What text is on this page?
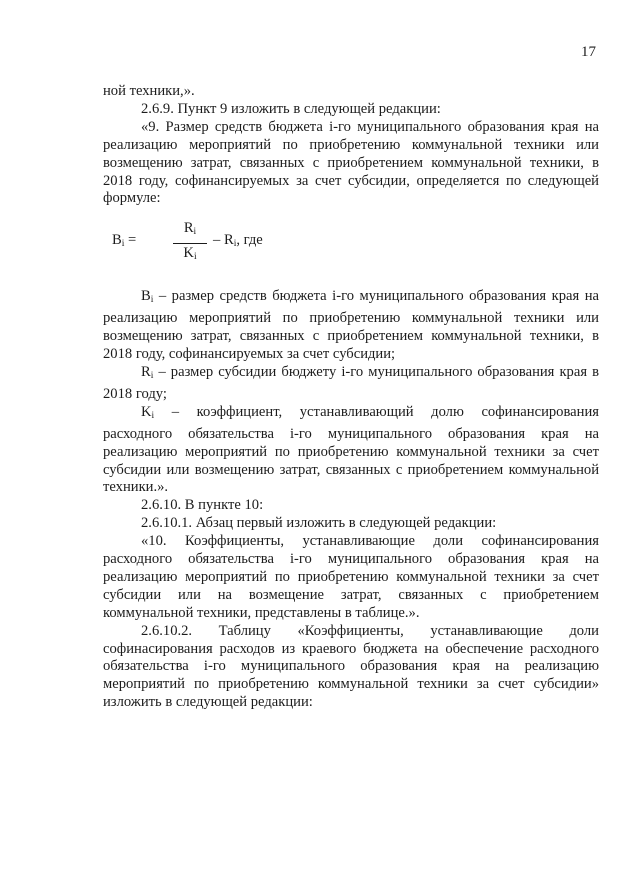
17

ной техники,».

2.6.9. Пункт 9 изложить в следующей редакции:

«9. Размер средств бюджета i-го муниципального образования края на реализацию мероприятий по приобретению коммунальной техники или возмещению затрат, связанных с приобретением коммунальной техники, в 2018 году, софинансируемых за счет субсидии, определяется по следующей формуле:

$B_i$ =	$\frac{R_i}{K_i} - R_i$, где

$B_i$ – размер средств бюджета i-го муниципального образования края на реализацию мероприятий по приобретению коммунальной техники или возмещению затрат, связанных с приобретением коммунальной техники, в 2018 году, софинансируемых за счет субсидии;

$R_i$ – размер субсидии бюджету i-го муниципального образования края в 2018 году;

$K_i$ – коэффициент, устанавливающий долю софинансирования расходного обязательства i-го муниципального образования края на реализацию мероприятий по приобретению коммунальной техники за счет субсидии или возмещению затрат, связанных с приобретением коммунальной техники.».

2.6.10. В пункте 10:

2.6.10.1. Абзац первый изложить в следующей редакции:

«10. Коэффициенты, устанавливающие доли софинансирования расходного обязательства i-го муниципального образования края на реализацию мероприятий по приобретению коммунальной техники за счет субсидии или на возмещение затрат, связанных с приобретением коммунальной техники, представлены в таблице.».

2.6.10.2. Таблицу «Коэффициенты, устанавливающие доли софинасирования расходов из краевого бюджета на обеспечение расходного обязательства i-го муниципального образования края на реализацию мероприятий по приобретению коммунальной техники за счет субсидии» изложить в следующей редакции:
